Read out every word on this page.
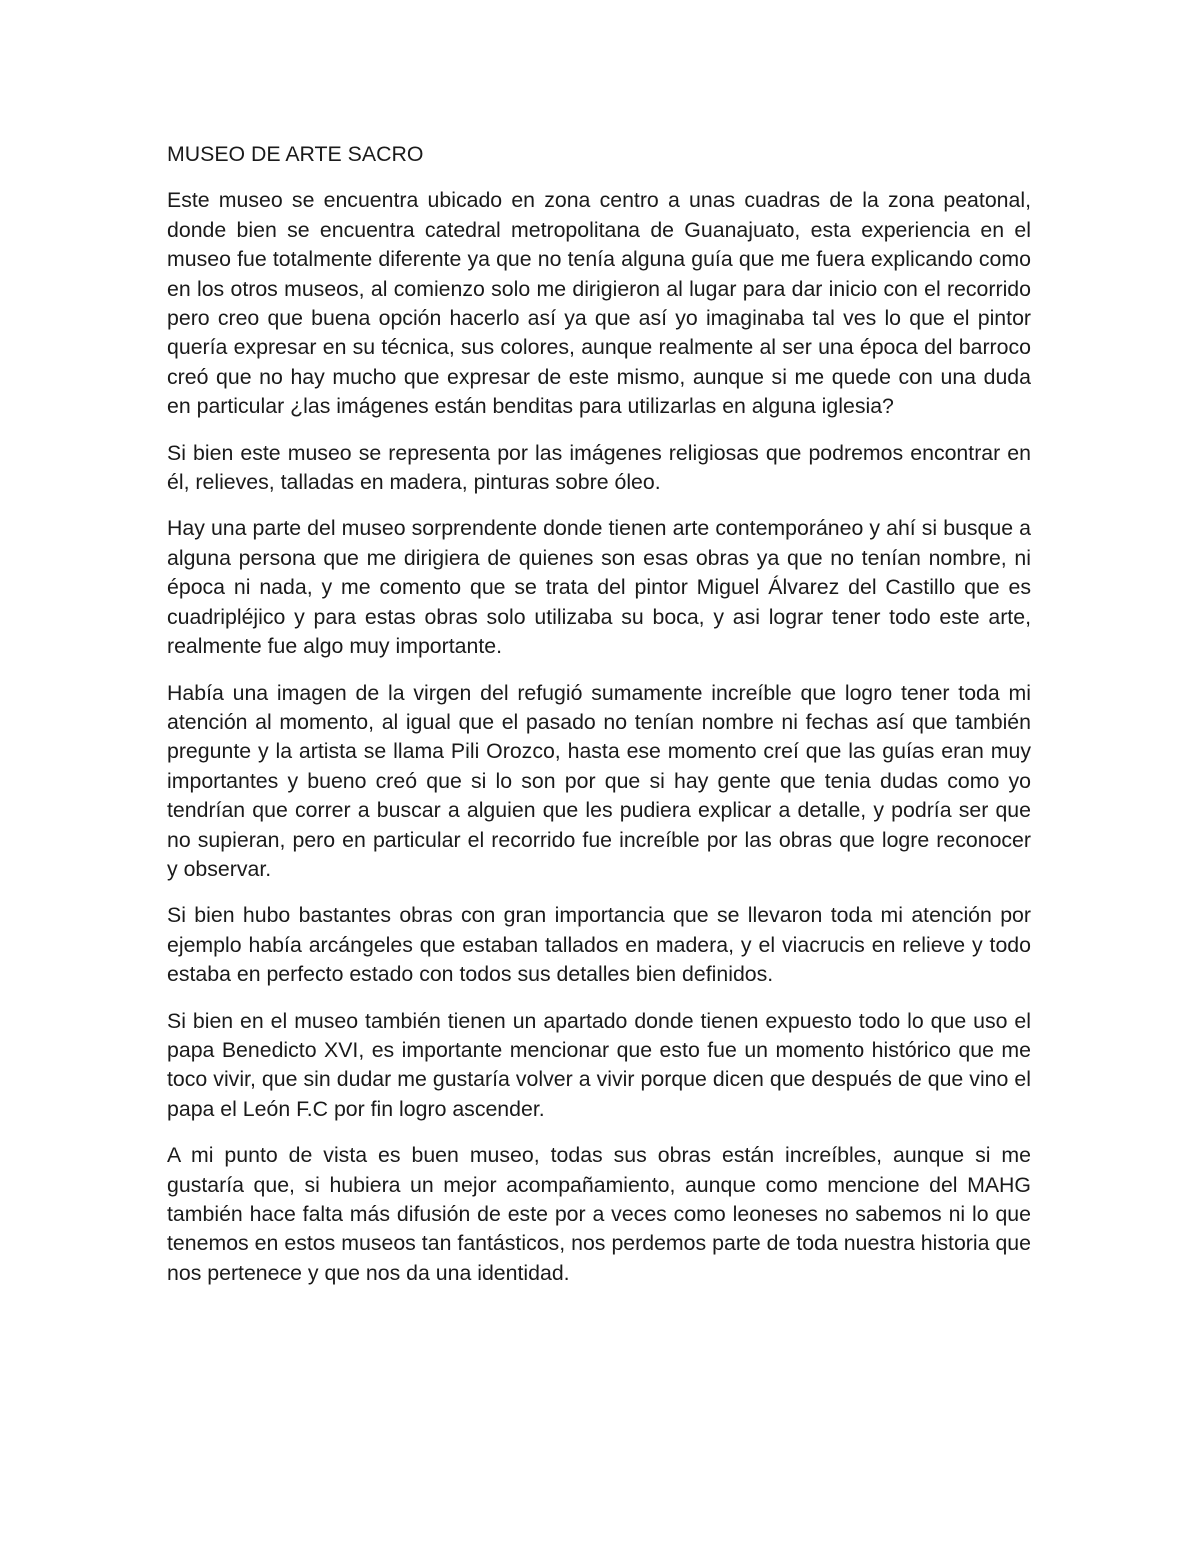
MUSEO DE ARTE SACRO

Este museo se encuentra ubicado en zona centro a unas cuadras de la zona peatonal, donde bien se encuentra catedral metropolitana de Guanajuato, esta experiencia en el museo fue totalmente diferente ya que no tenía alguna guía que me fuera explicando como en los otros museos, al comienzo solo me dirigieron al lugar para dar inicio con el recorrido pero creo que buena opción hacerlo así ya que así yo imaginaba tal ves lo que el pintor quería expresar en su técnica, sus colores, aunque realmente al ser una época del barroco creó que no hay mucho que expresar de este mismo, aunque si me quede con una duda en particular ¿las imágenes están benditas para utilizarlas en alguna iglesia?

Si bien este museo se representa por las imágenes religiosas que podremos encontrar en él, relieves, talladas en madera, pinturas sobre óleo.

Hay una parte del museo sorprendente donde tienen arte contemporáneo y ahí si busque a alguna persona que me dirigiera de quienes son esas obras ya que no tenían nombre, ni época ni nada, y me comento que se trata del pintor Miguel Álvarez del Castillo que es cuadripléjico y para estas obras solo utilizaba su boca, y asi lograr tener todo este arte, realmente fue algo muy importante.

Había una imagen de la virgen del refugió sumamente increíble que logro tener toda mi atención al momento, al igual que el pasado no tenían nombre ni fechas así que también pregunte y la artista se llama Pili Orozco, hasta ese momento creí que las guías eran muy importantes y bueno creó que si lo son por que si hay gente que tenia dudas como yo tendrían que correr a buscar a alguien que les pudiera explicar a detalle, y podría ser que no supieran, pero en particular el recorrido fue increíble por las obras que logre reconocer y observar.

Si bien hubo bastantes obras con gran importancia que se llevaron toda mi atención por ejemplo había arcángeles que estaban tallados en madera, y el viacrucis en relieve y todo estaba en perfecto estado con todos sus detalles bien definidos.

Si bien en el museo también tienen un apartado donde tienen expuesto todo lo que uso el papa Benedicto XVI, es importante mencionar que esto fue un momento histórico que me toco vivir, que sin dudar me gustaría volver a vivir porque dicen que después de que vino el papa el León F.C por fin logro ascender.

A mi punto de vista es buen museo, todas sus obras están increíbles, aunque si me gustaría que, si hubiera un mejor acompañamiento, aunque como mencione del MAHG también hace falta más difusión de este por a veces como leoneses no sabemos ni lo que tenemos en estos museos tan fantásticos, nos perdemos parte de toda nuestra historia que nos pertenece y que nos da una identidad.
